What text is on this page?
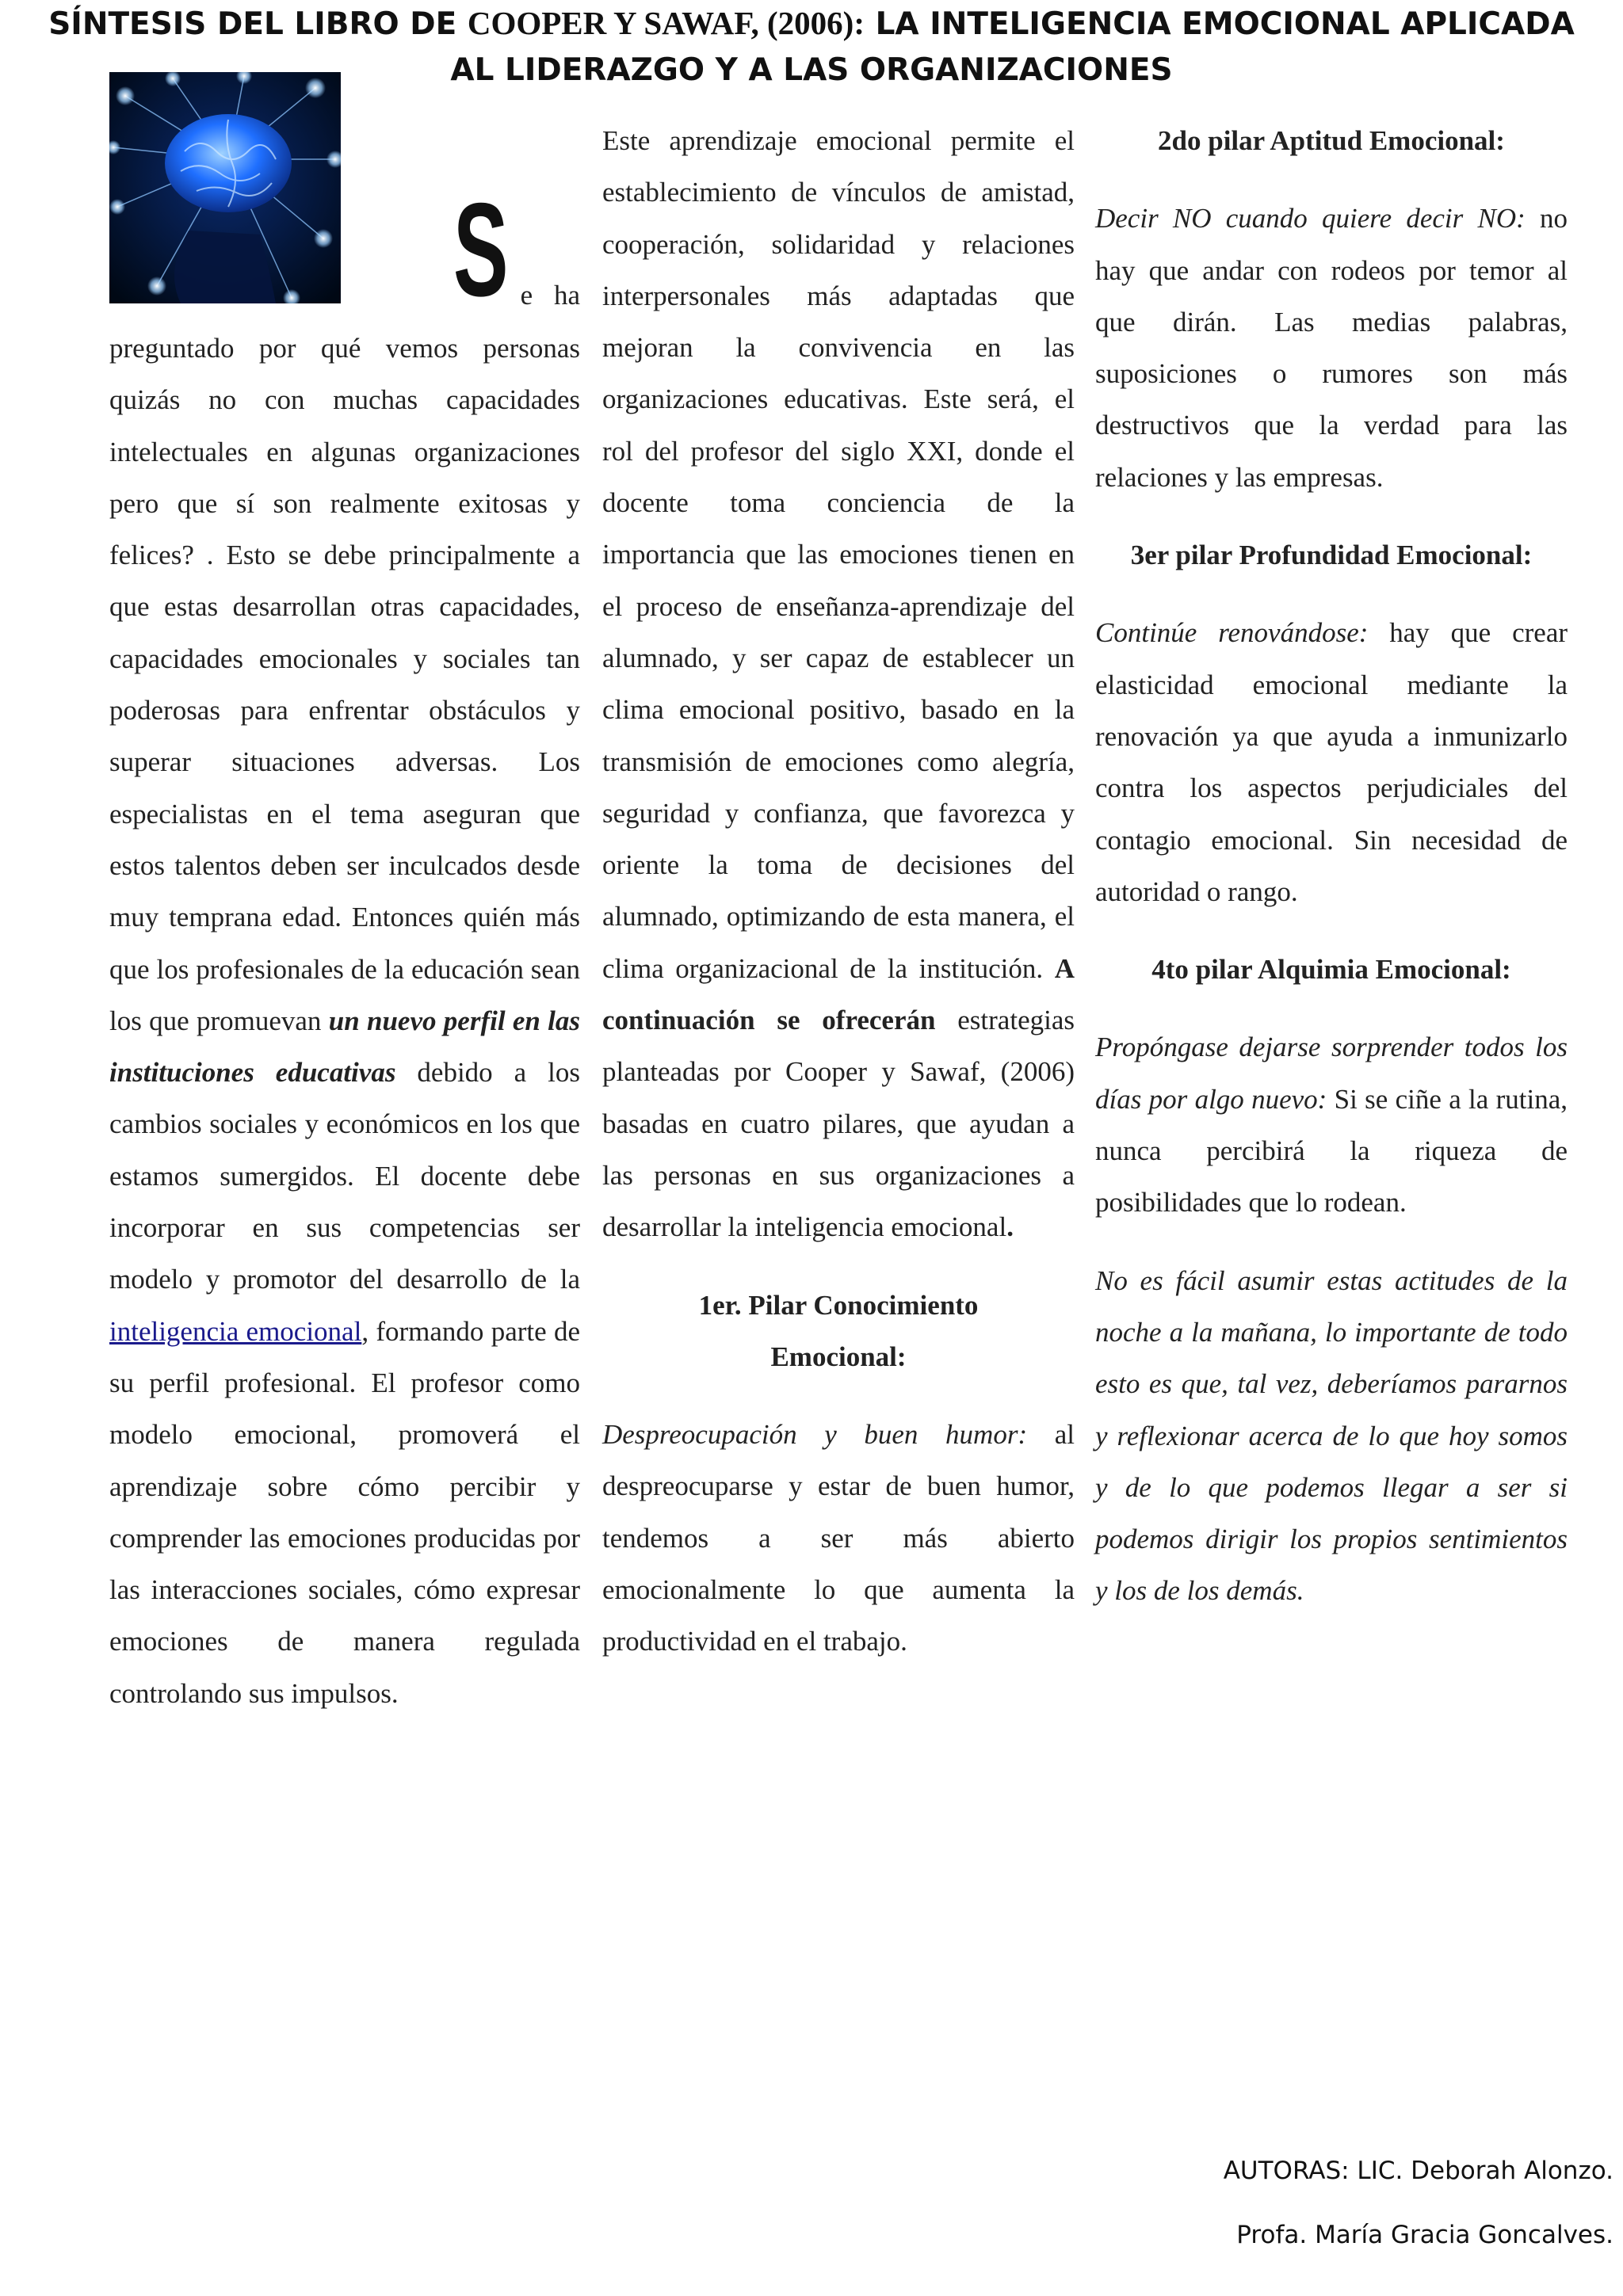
SÍNTESIS DEL LIBRO DE COOPER Y SAWAF, (2006): LA INTELIGENCIA EMOCIONAL APLICADA AL LIDERAZGO Y A LAS ORGANIZACIONES
S e ha

preguntado por qué vemos personas quizás no con muchas capacidades intelectuales en algunas organizaciones pero que sí son realmente exitosas y felices? . Esto se debe principalmente a que estas desarrollan otras capacidades, capacidades emocionales y sociales tan poderosas para enfrentar obstáculos y superar situaciones adversas. Los especialistas en el tema aseguran que estos talentos deben ser inculcados desde muy temprana edad. Entonces quién más que los profesionales de la educación sean los que promuevan un nuevo perfil en las instituciones educativas debido a los cambios sociales y económicos en los que estamos sumergidos. El docente debe incorporar en sus competencias ser modelo y promotor del desarrollo de la inteligencia emocional, formando parte de su perfil profesional. El profesor como modelo emocional, promoverá el aprendizaje sobre cómo percibir y comprender las emociones producidas por las interacciones sociales, cómo expresar emociones de manera regulada controlando sus impulsos.

Este aprendizaje emocional permite el establecimiento de vínculos de amistad, cooperación, solidaridad y relaciones interpersonales más adaptadas que mejoran la convivencia en las organizaciones educativas. Este será, el rol del profesor del siglo XXI, donde el docente toma conciencia de la importancia que las emociones tienen en el proceso de enseñanza-aprendizaje del alumnado, y ser capaz de establecer un clima emocional positivo, basado en la transmisión de emociones como alegría, seguridad y confianza, que favorezca y oriente la toma de decisiones del alumnado, optimizando de esta manera, el clima organizacional de la institución. A continuación se ofrecerán estrategias planteadas por Cooper y Sawaf, (2006) basadas en cuatro pilares, que ayudan a las personas en sus organizaciones a desarrollar la inteligencia emocional.

1er. Pilar Conocimiento
Emocional:

Despreocupación y buen humor: al despreocuparse y estar de buen humor, tendemos a ser más abierto emocionalmente lo que aumenta la productividad en el trabajo.

2do pilar Aptitud Emocional:

Decir NO cuando quiere decir NO: no hay que andar con rodeos por temor al que dirán. Las medias palabras, suposiciones o rumores son más destructivos que la verdad para las relaciones y las empresas.

3er pilar Profundidad Emocional:

Continúe renovándose: hay que crear elasticidad emocional mediante la renovación ya que ayuda a inmunizarlo contra los aspectos perjudiciales del contagio emocional. Sin necesidad de autoridad o rango.

4to pilar Alquimia Emocional:

Propóngase dejarse sorprender todos los días por algo nuevo: Si se ciñe a la rutina, nunca percibirá la riqueza de posibilidades que lo rodean.

No es fácil asumir estas actitudes de la noche a la mañana, lo importante de todo esto es que, tal vez, deberíamos pararnos y reflexionar acerca de lo que hoy somos y de lo que podemos llegar a ser si podemos dirigir los propios sentimientos y los de los demás.

AUTORAS: LIC. Deborah Alonzo.
Profa. María Gracia Goncalves.
